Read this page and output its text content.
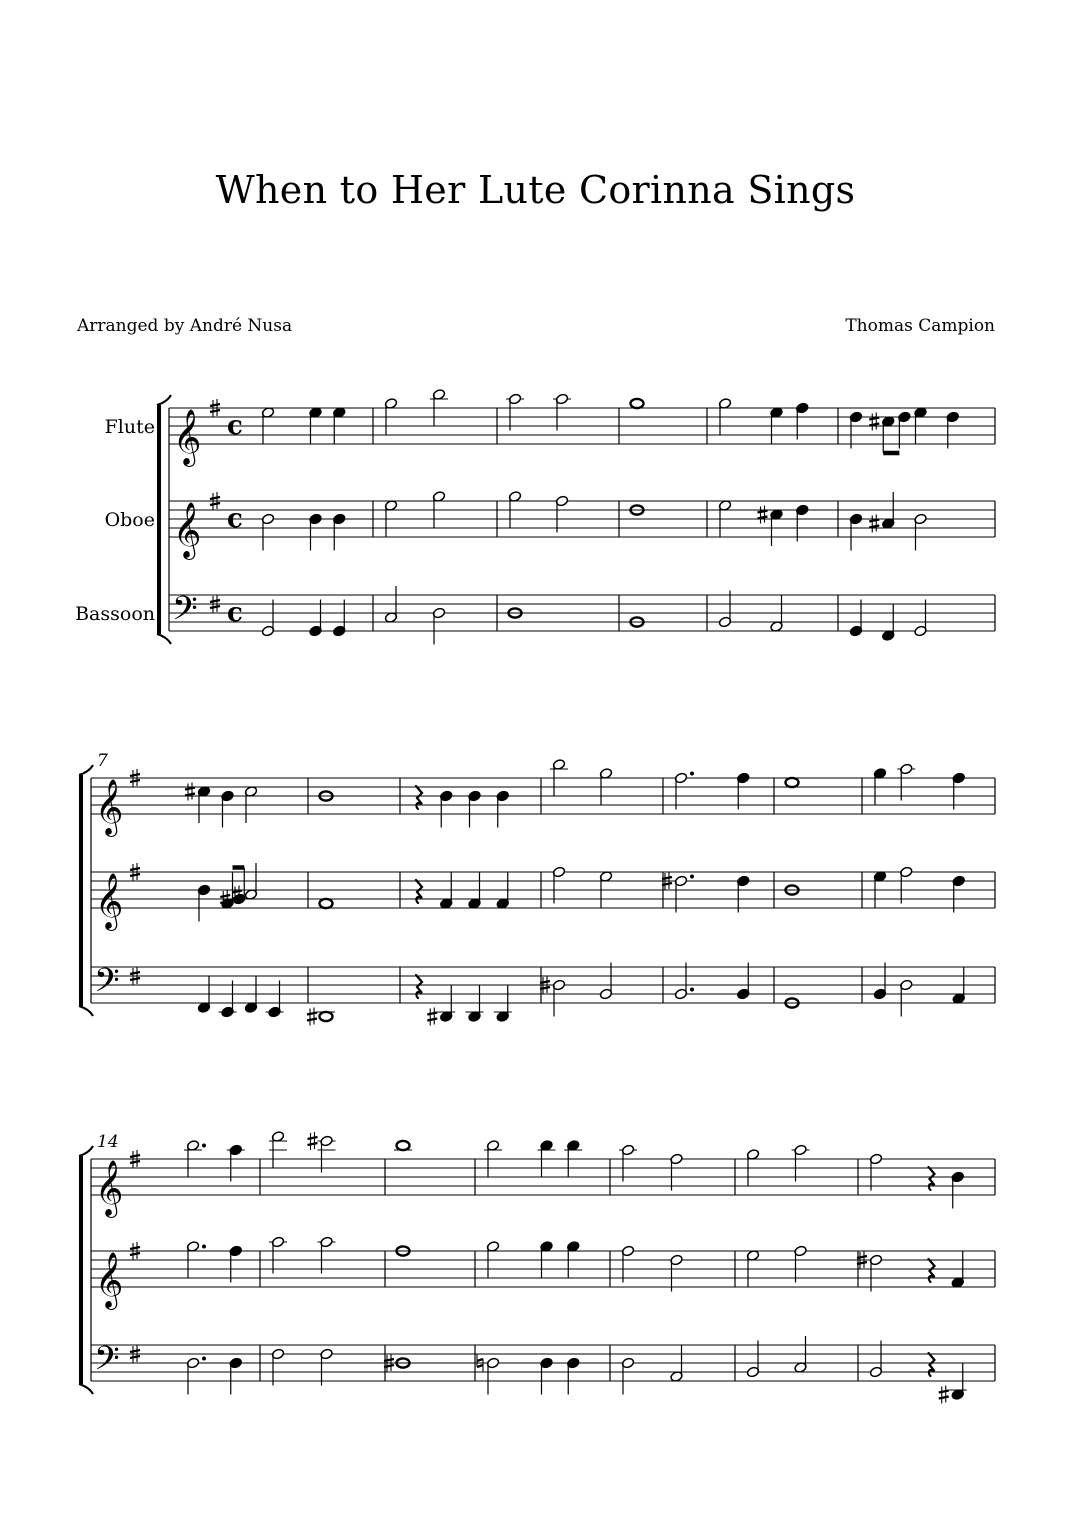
When to Her Lute Corinna Sings
Arranged by André Nusa	Thomas Campion
Flute
Oboe
Bassoon
𝄞 c
𝄞 c
𝄢 c
7
𝄞
𝄞
𝄢
14
𝄞
𝄞
𝄢
